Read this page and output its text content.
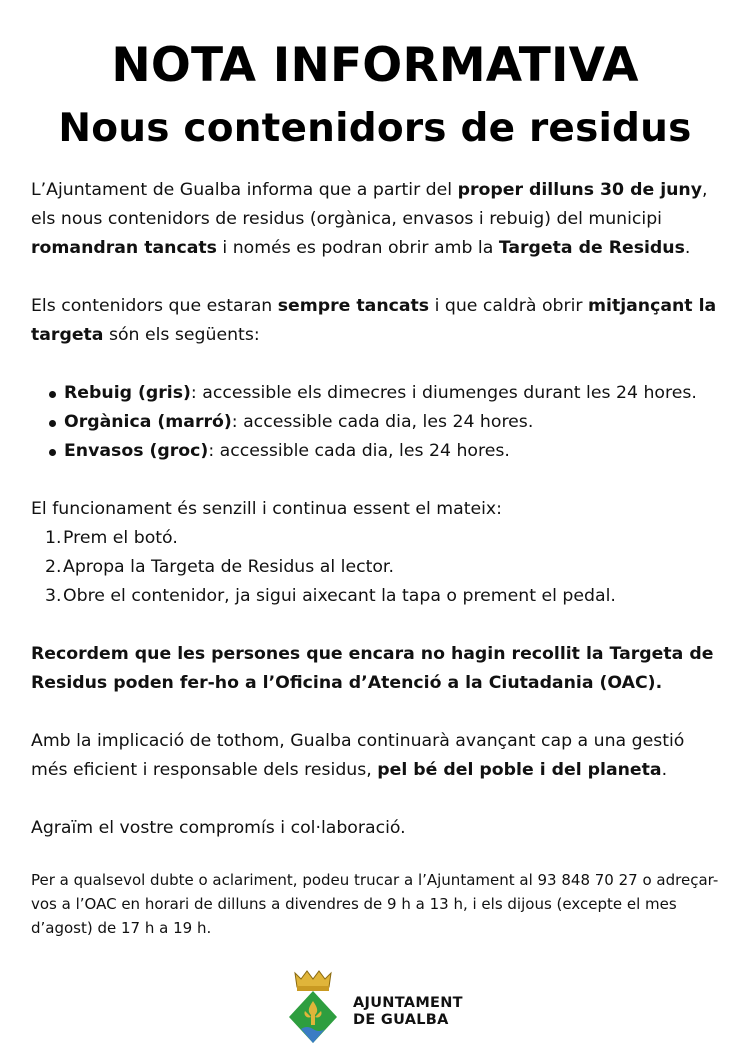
NOTA INFORMATIVA
Nous contenidors de residus

L’Ajuntament de Gualba informa que a partir del proper dilluns 30 de juny, els nous contenidors de residus (orgànica, envasos i rebuig) del municipi romandran tancats i només es podran obrir amb la Targeta de Residus.

Els contenidors que estaran sempre tancats i que caldrà obrir mitjançant la targeta són els següents:

Rebuig (gris): accessible els dimecres i diumenges durant les 24 hores.
Orgànica (marró): accessible cada dia, les 24 hores.
Envasos (groc): accessible cada dia, les 24 hores.

El funcionament és senzill i continua essent el mateix:

1. Prem el botó.
2. Apropa la Targeta de Residus al lector.
3. Obre el contenidor, ja sigui aixecant la tapa o prement el pedal.

Recordem que les persones que encara no hagin recollit la Targeta de Residus poden fer-ho a l’Oficina d’Atenció a la Ciutadania (OAC).

Amb la implicació de tothom, Gualba continuarà avançant cap a una gestió més eficient i responsable dels residus, pel bé del poble i del planeta.

Agraïm el vostre compromís i col·laboració.

Per a qualsevol dubte o aclariment, podeu trucar a l’Ajuntament al 93 848 70 27 o adreçar-vos a l’OAC en horari de dilluns a divendres de 9 h a 13 h, i els dijous (excepte el mes d’agost) de 17 h a 19 h.

AJUNTAMENT
DE GUALBA
